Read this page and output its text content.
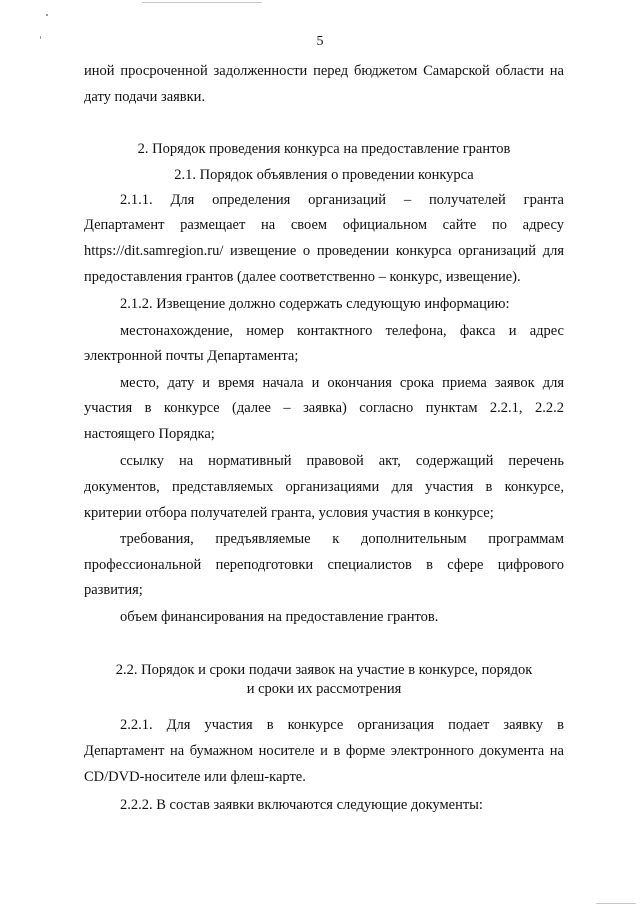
5
иной просроченной задолженности перед бюджетом Самарской области на
дату подачи заявки.
2. Порядок проведения конкурса на предоставление грантов
2.1. Порядок объявления о проведении конкурса
2.1.1. Для определения организаций – получателей гранта
Департамент размещает на своем официальном сайте по адресу
https://dit.samregion.ru/ извещение о проведении конкурса организаций для
предоставления грантов (далее соответственно – конкурс, извещение).
2.1.2. Извещение должно содержать следующую информацию:
местонахождение, номер контактного телефона, факса и адрес
электронной почты Департамента;
место, дату и время начала и окончания срока приема заявок для
участия в конкурсе (далее – заявка) согласно пунктам 2.2.1, 2.2.2
настоящего Порядка;
ссылку на нормативный правовой акт, содержащий перечень
документов, представляемых организациями для участия в конкурсе,
критерии отбора получателей гранта, условия участия в конкурсе;
требования, предъявляемые к дополнительным программам
профессиональной переподготовки специалистов в сфере цифрового
развития;
объем финансирования на предоставление грантов.
2.2. Порядок и сроки подачи заявок на участие в конкурсе, порядок
и сроки их рассмотрения
2.2.1. Для участия в конкурсе организация подает заявку в
Департамент на бумажном носителе и в форме электронного документа на
CD/DVD-носителе или флеш-карте.
2.2.2. В состав заявки включаются следующие документы:
